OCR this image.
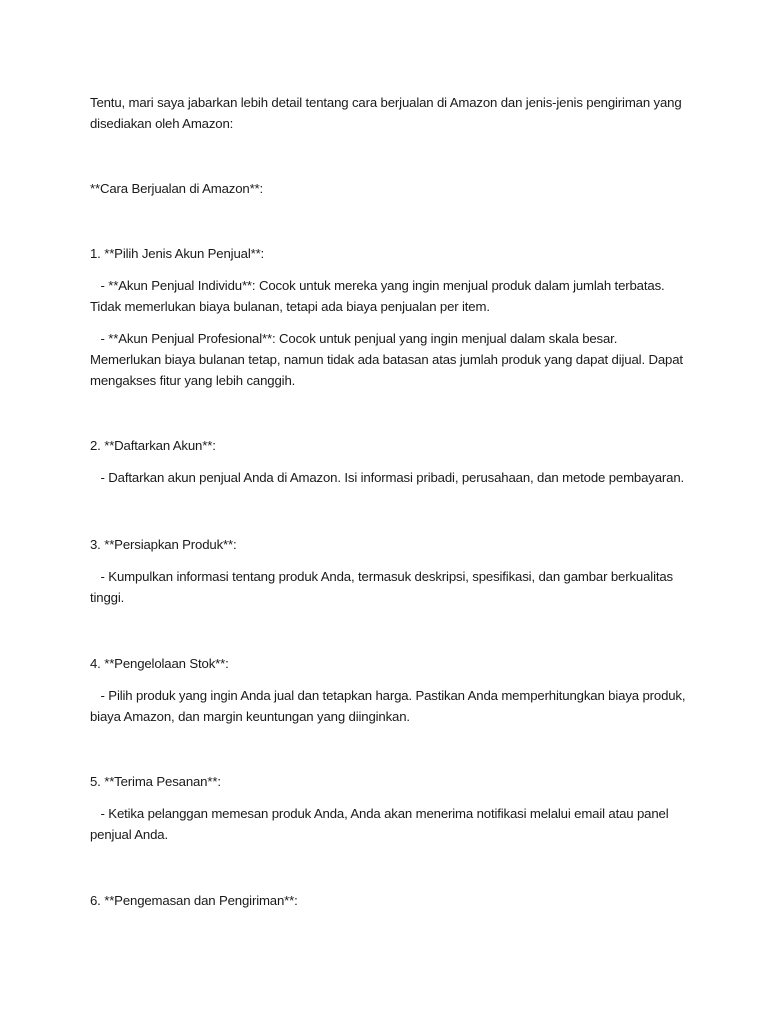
Tentu, mari saya jabarkan lebih detail tentang cara berjualan di Amazon dan jenis-jenis pengiriman yang disediakan oleh Amazon:

**Cara Berjualan di Amazon**:

1. **Pilih Jenis Akun Penjual**:

- **Akun Penjual Individu**: Cocok untuk mereka yang ingin menjual produk dalam jumlah terbatas. Tidak memerlukan biaya bulanan, tetapi ada biaya penjualan per item.

- **Akun Penjual Profesional**: Cocok untuk penjual yang ingin menjual dalam skala besar. Memerlukan biaya bulanan tetap, namun tidak ada batasan atas jumlah produk yang dapat dijual. Dapat mengakses fitur yang lebih canggih.

2. **Daftarkan Akun**:

- Daftarkan akun penjual Anda di Amazon. Isi informasi pribadi, perusahaan, dan metode pembayaran.

3. **Persiapkan Produk**:

- Kumpulkan informasi tentang produk Anda, termasuk deskripsi, spesifikasi, dan gambar berkualitas tinggi.

4. **Pengelolaan Stok**:

- Pilih produk yang ingin Anda jual dan tetapkan harga. Pastikan Anda memperhitungkan biaya produk, biaya Amazon, dan margin keuntungan yang diinginkan.

5. **Terima Pesanan**:

- Ketika pelanggan memesan produk Anda, Anda akan menerima notifikasi melalui email atau panel penjual Anda.

6. **Pengemasan dan Pengiriman**:
